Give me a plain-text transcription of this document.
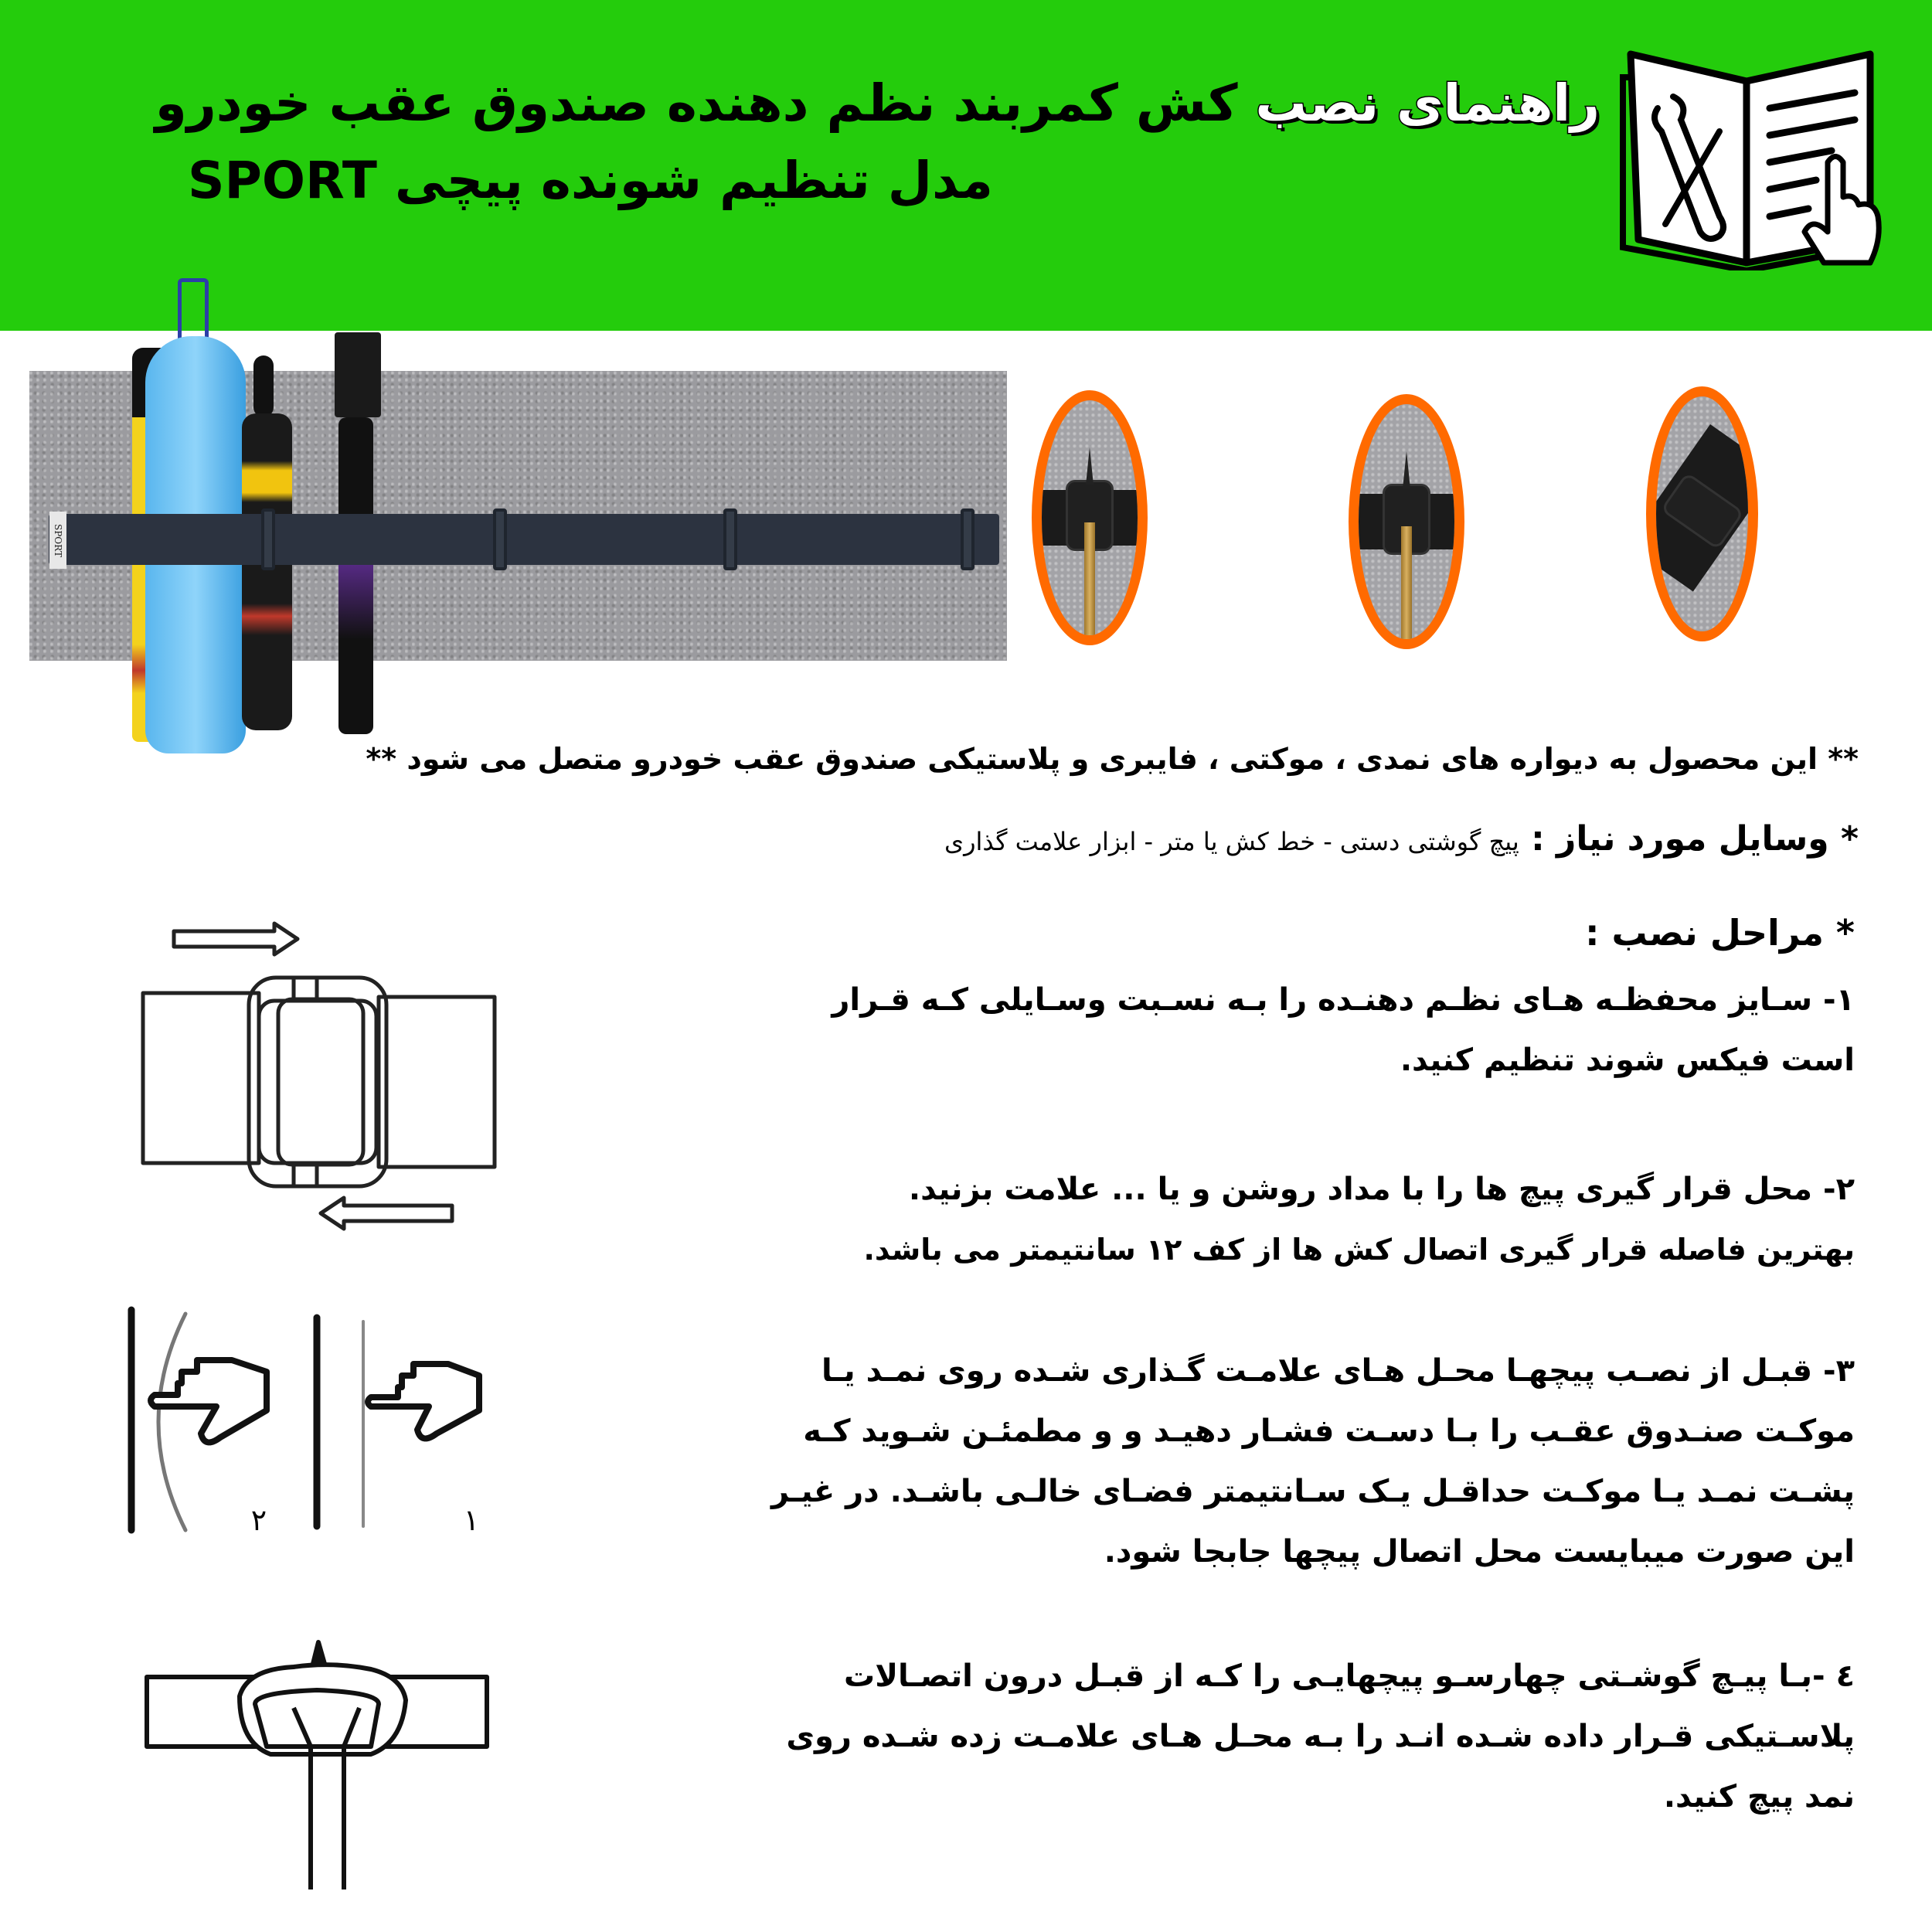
راهنمای نصب کش کمربند نظم دهنده صندوق عقب خودرو
مدل تنظیم شونده پیچی SPORT
SPORT
** این محصول به دیواره های نمدی ، موکتی ، فایبری و پلاستیکی صندوق عقب خودرو متصل می شود **
* وسایل مورد نیاز : پیچ گوشتی دستی - خط کش یا متر - ابزار علامت گذاری
* مراحل نصب :

۱- سـایز محفظـه هـای نظـم دهنـده را بـه نسـبت وسـایلی کـه قـرار

است فیکس شوند تنظیم کنید.

۲- محل قرار گیری پیچ ها را با مداد روشن و یا ... علامت بزنید.

بهترین فاصله قرار گیری اتصال کش ها از کف ۱۲ سانتیمتر می باشد.

۳- قبـل از نصـب پیچهـا محـل هـای علامـت گـذاری شـده روی نمـد یـا

موکـت صنـدوق عقـب را بـا دسـت فشـار دهیـد و و مطمئـن شـوید کـه

پشـت نمـد یـا موکـت حداقـل یـک سـانتیمتر فضـای خالـی باشـد. در غیـر

این صورت میبایست محل اتصال پیچها جابجا شود.

٤ -بـا پیـچ گوشـتی چهارسـو پیچهایـی را کـه از قبـل درون اتصـالات

پلاسـتیکی قـرار داده شـده انـد را بـه محـل هـای علامـت زده شـده روی

نمد پیچ کنید.

۲	۱
